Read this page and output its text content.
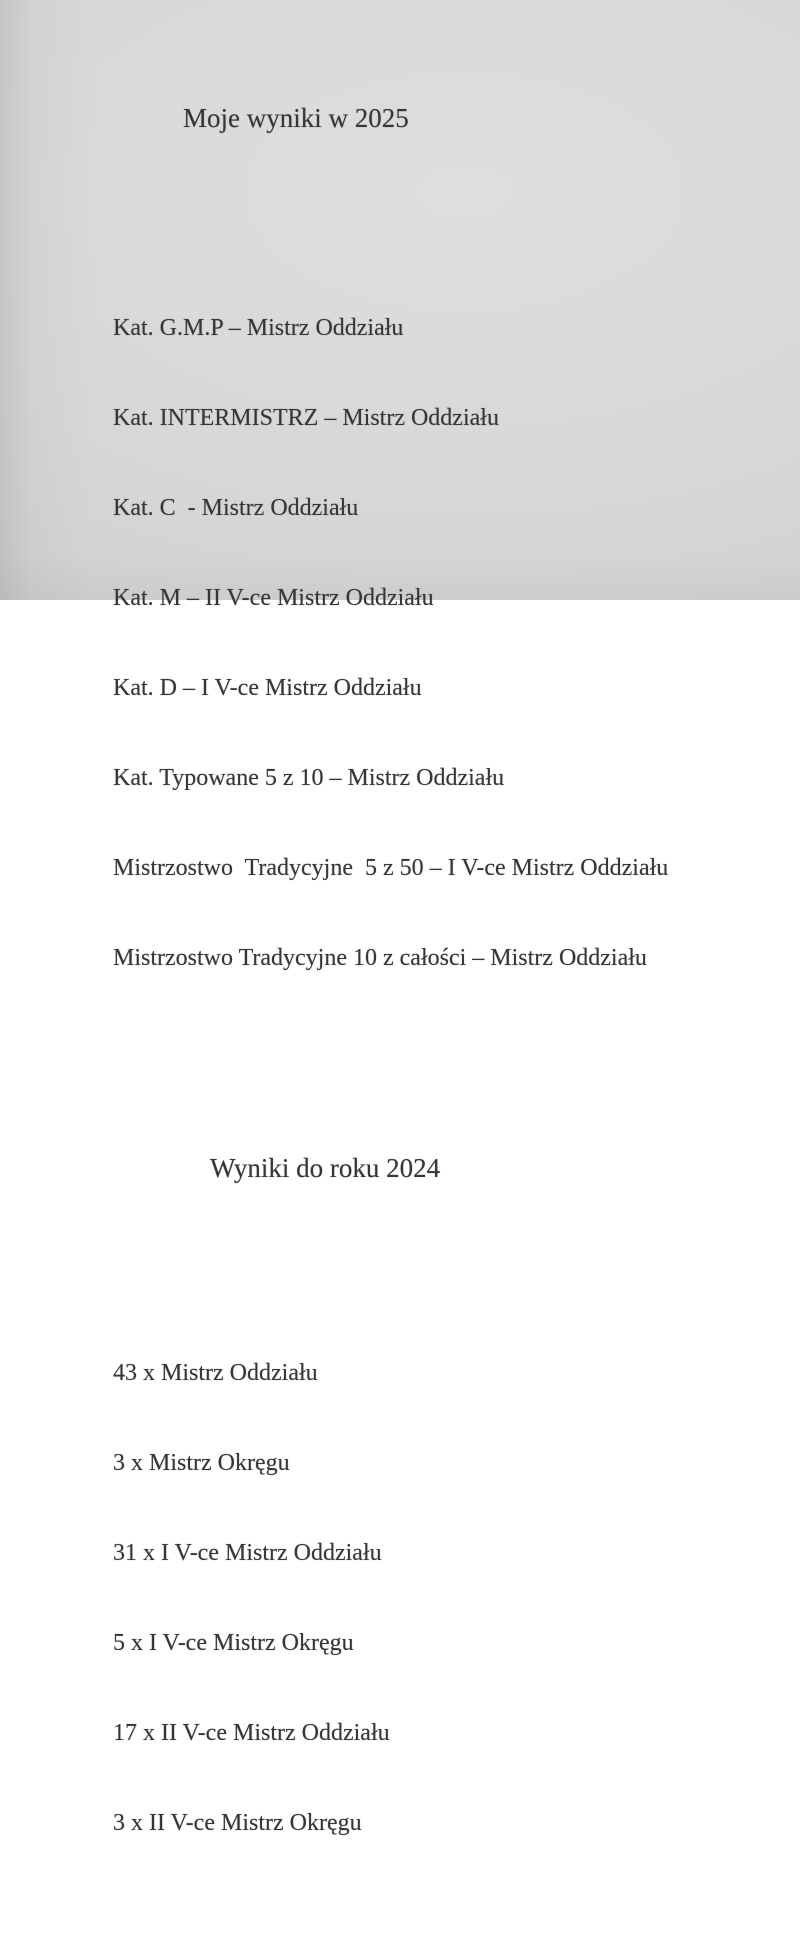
Moje wyniki w 2025

Kat. G.M.P – Mistrz Oddziału

Kat. INTERMISTRZ – Mistrz Oddziału

Kat. C  - Mistrz Oddziału

Kat. M – II V-ce Mistrz Oddziału

Kat. D – I V-ce Mistrz Oddziału

Kat. Typowane 5 z 10 – Mistrz Oddziału

Mistrzostwo  Tradycyjne  5 z 50 – I V-ce Mistrz Oddziału

Mistrzostwo Tradycyjne 10 z całości – Mistrz Oddziału

Wyniki do roku 2024

43 x Mistrz Oddziału

3 x Mistrz Okręgu

31 x I V-ce Mistrz Oddziału

5 x I V-ce Mistrz Okręgu

17 x II V-ce Mistrz Oddziału

3 x II V-ce Mistrz Okręgu
